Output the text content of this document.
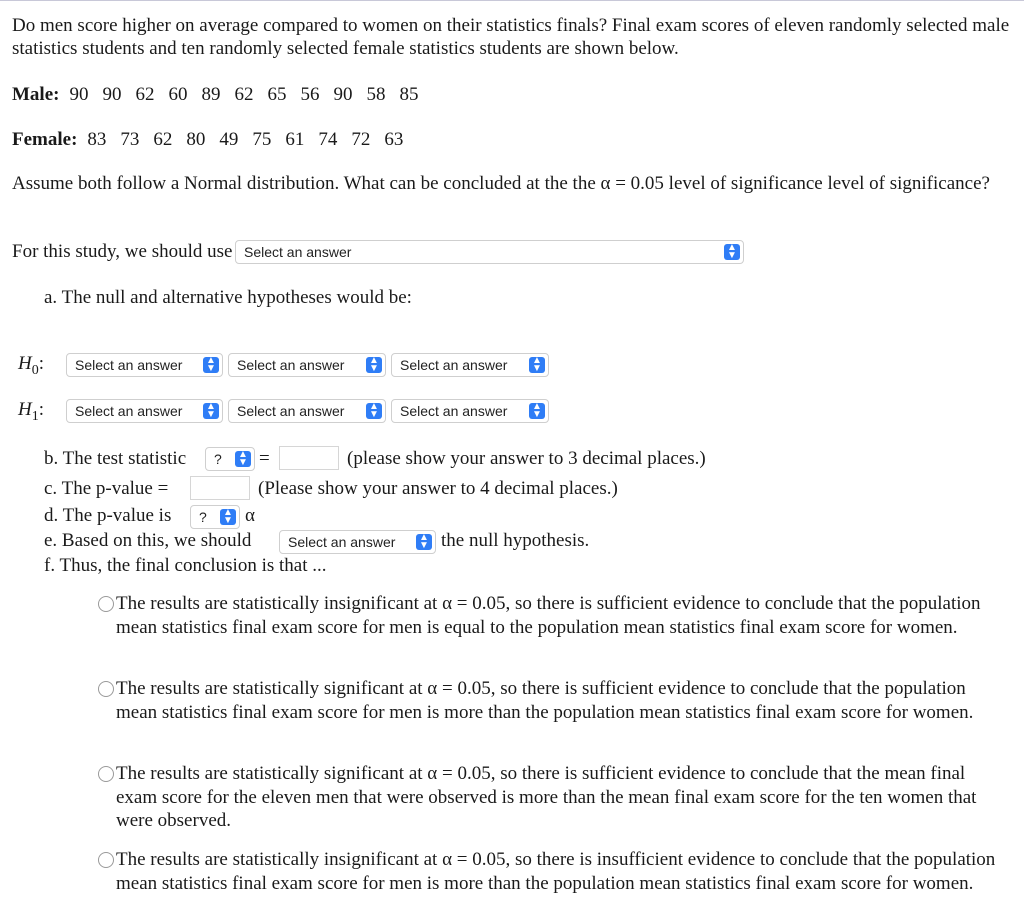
Do men score higher on average compared to women on their statistics finals? Final exam scores of eleven randomly selected male statistics students and ten randomly selected female statistics students are shown below.
Male: 90 90 62 60 89 62 65 56 90 58 85
Female: 83 73 62 80 49 75 61 74 72 63
Assume both follow a Normal distribution. What can be concluded at the the α = 0.05 level of significance level of significance?
For this study, we should use Select an answer	▲
▼
a. The null and alternative hypotheses would be:
$H_0$:	Select an answer	▲
▼	Select an answer	▲
▼	Select an answer	▲
▼
$H_1$:	Select an answer	▲
▼	Select an answer	▲
▼	Select an answer	▲
▼
b. The test statistic	?	▲
▼ =	(please show your answer to 3 decimal places.)
c. The p-value =	(Please show your answer to 4 decimal places.)
d. The p-value is	?	▲
▼ α
e. Based on this, we should	Select an answer	▲
▼ the null hypothesis.
f. Thus, the final conclusion is that ...
The results are statistically insignificant at α = 0.05, so there is sufficient evidence to conclude that the population mean statistics final exam score for men is equal to the population mean statistics final exam score for women.
The results are statistically significant at α = 0.05, so there is sufficient evidence to conclude that the population mean statistics final exam score for men is more than the population mean statistics final exam score for women.
The results are statistically significant at α = 0.05, so there is sufficient evidence to conclude that the mean final exam score for the eleven men that were observed is more than the mean final exam score for the ten women that were observed.
The results are statistically insignificant at α = 0.05, so there is insufficient evidence to conclude that the population mean statistics final exam score for men is more than the population mean statistics final exam score for women.
